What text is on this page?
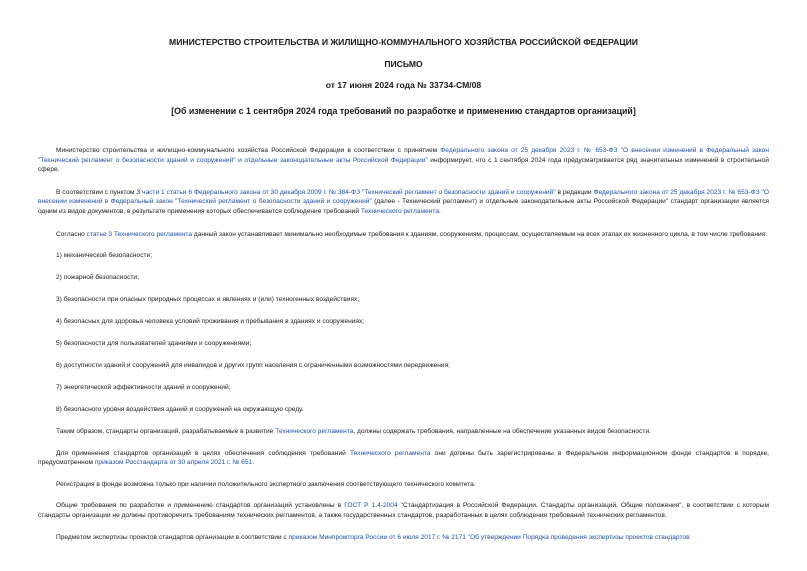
МИНИСТЕРСТВО СТРОИТЕЛЬСТВА И ЖИЛИЩНО-КОММУНАЛЬНОГО ХОЗЯЙСТВА РОССИЙСКОЙ ФЕДЕРАЦИИ
ПИСЬМО
от 17 июня 2024 года № 33734-СМ/08
[Об изменении с 1 сентября 2024 года требований по разработке и применению стандартов организаций]

Министерство строительства и жилищно-коммунального хозяйства Российской Федерации в соответствии с принятием Федерального закона от 25 декабря 2023 г. № 653-ФЗ "О внесении изменений в Федеральный закон "Технический регламент о безопасности зданий и сооружений" и отдельные законодательные акты Российской Федерации" информирует, что с 1 сентября 2024 года предусматривается ряд значительных изменений в строительной сфере.

В соответствии с пунктом 3 части 1 статьи 6 Федерального закона от 30 декабря 2009 г. № 384-ФЗ "Технический регламент о безопасности зданий и сооружений" в редакции Федерального закона от 25 декабря 2023 г. № 653-ФЗ "О внесении изменений в Федеральный закон "Технический регламент о безопасности зданий и сооружений" (далее - Технический регламент) и отдельные законодательные акты Российской Федерации" стандарт организации является одним из видов документов, в результате применения которых обеспечивается соблюдение требований Технического регламента.

Согласно статье 3 Технического регламента данный закон устанавливает минимально необходимые требования к зданиям, сооружениям, процессам, осуществляемым на всех этапах их жизненного цикла, в том числе требования:

1) механической безопасности;

2) пожарной безопасности;

3) безопасности при опасных природных процессах и явлениях и (или) техногенных воздействиях;

4) безопасных для здоровья человека условий проживания и пребывания в зданиях и сооружениях;

5) безопасности для пользователей зданиями и сооружениями;

6) доступности зданий и сооружений для инвалидов и других групп населения с ограниченными возможностями передвижения;

7) энергетической эффективности зданий и сооружений;

8) безопасного уровня воздействия зданий и сооружений на окружающую среду.

Таким образом, стандарты организаций, разрабатываемые в развитие Технического регламента, должны содержать требования, направленные на обеспечение указанных видов безопасности.

Для применения стандартов организаций в целях обеспечения соблюдения требований Технического регламента они должны быть зарегистрированы в Федеральном информационном фонде стандартов в порядке, предусмотренном приказом Росстандарта от 30 апреля 2021 г. № 651.

Регистрация в фонде возможна только при наличии положительного экспертного заключения соответствующего технического комитета.

Общие требования по разработке и применению стандартов организаций установлены в ГОСТ Р 1.4-2004 "Стандартизация в Российской Федерации. Стандарты организаций. Общие положения", в соответствии с которым стандарты организации не должны противоречить требованиям технических регламентов, а также государственных стандартов, разработанных в целях соблюдения требований технических регламентов.

Предметом экспертизы проектов стандартов организации в соответствии с приказом Минпромторга России от 6 июля 2017 г. № 2171 "Об утверждении Порядка проведения экспертизы проектов стандартов
